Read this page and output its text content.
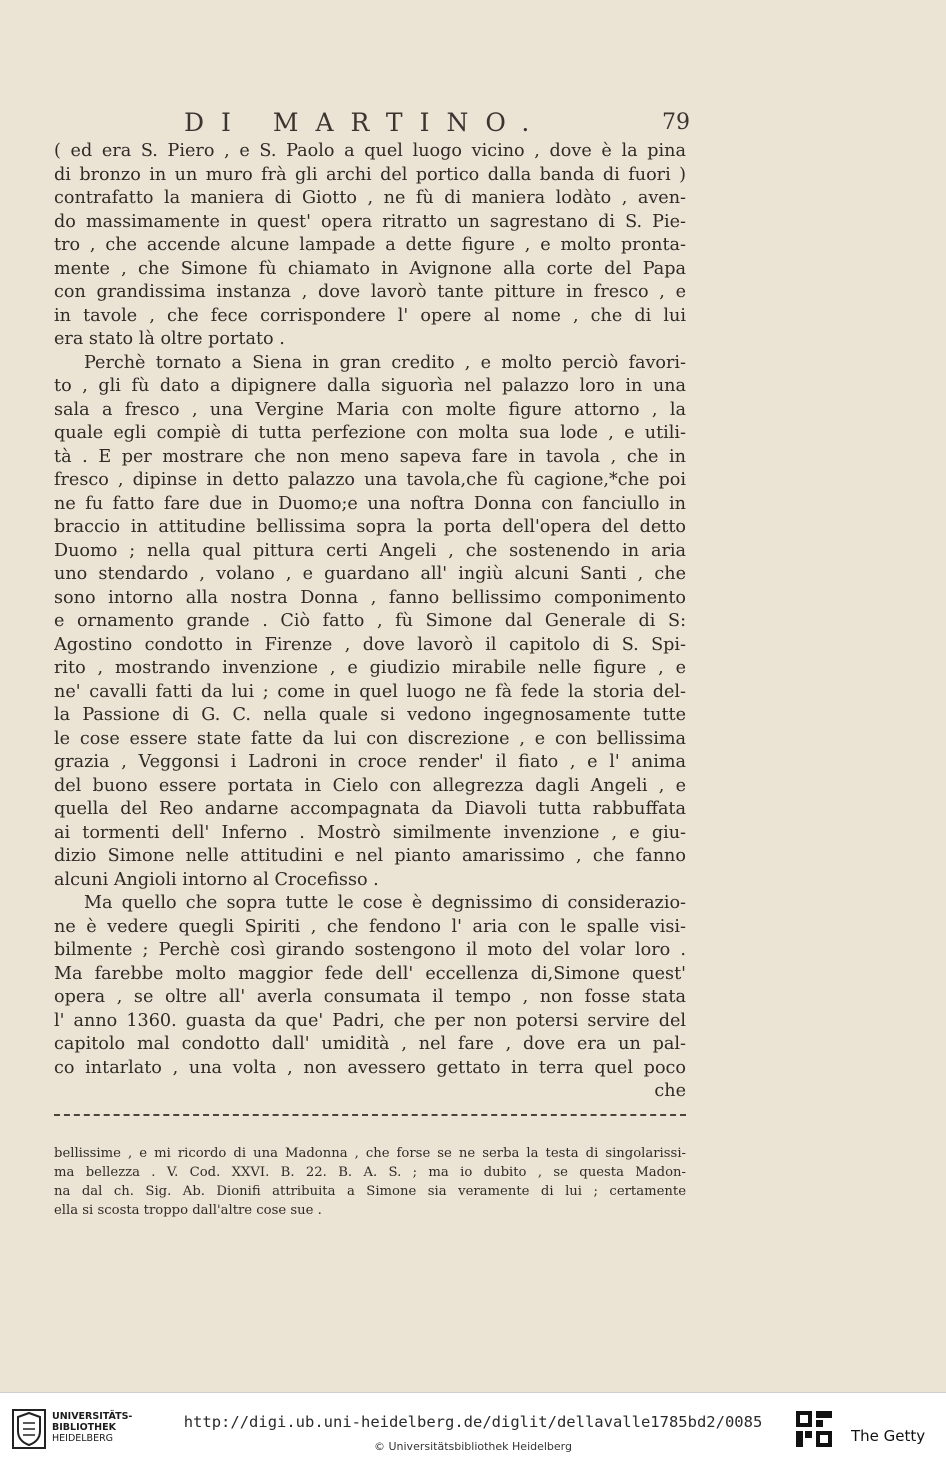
DI MARTINO.	79
( ed era S. Piero , e S. Paolo a quel luogo vicino , dove è la pina
di bronzo in un muro frà gli archi del portico dalla banda di fuori )
contrafatto la maniera di Giotto , ne fù di maniera lodàto , aven-
do massimamente in quest' opera ritratto un sagrestano di S. Pie-
tro , che accende alcune lampade a dette figure , e molto pronta-
mente , che Simone fù chiamato in Avignone alla corte del Papa
con grandissima instanza , dove lavorò tante pitture in fresco , e
in tavole , che fece corrispondere l' opere al nome , che di lui
era stato là oltre portato .
Perchè tornato a Siena in gran credito , e molto perciò favori-
to , gli fù dato a dipignere dalla siguorìa nel palazzo loro in una
sala a fresco , una Vergine Maria con molte figure attorno , la
quale egli compiè di tutta perfezione con molta sua lode , e utili-
tà . E per mostrare che non meno sapeva fare in tavola , che in
fresco , dipinse in detto palazzo una tavola,che fù cagione,*che poi
ne fu fatto fare due in Duomo;e una noftra Donna con fanciullo in
braccio in attitudine bellissima sopra la porta dell'opera del detto
Duomo ; nella qual pittura certi Angeli , che sostenendo in aria
uno stendardo , volano , e guardano all' ingiù alcuni Santi , che
sono intorno alla nostra Donna , fanno bellissimo componimento
e ornamento grande . Ciò fatto , fù Simone dal Generale di S:
Agostino condotto in Firenze , dove lavorò il capitolo di S. Spi-
rito , mostrando invenzione , e giudizio mirabile nelle figure , e
ne' cavalli fatti da lui ; come in quel luogo ne fà fede la storia del-
la Passione di G. C. nella quale si vedono ingegnosamente tutte
le cose essere state fatte da lui con discrezione , e con bellissima
grazia , Veggonsi i Ladroni in croce render' il fiato , e l' anima
del buono essere portata in Cielo con allegrezza dagli Angeli , e
quella del Reo andarne accompagnata da Diavoli tutta rabbuffata
ai tormenti dell' Inferno . Mostrò similmente invenzione , e giu-
dizio Simone nelle attitudini e nel pianto amarissimo , che fanno
alcuni Angioli intorno al Crocefisso .
Ma quello che sopra tutte le cose è degnissimo di considerazio-
ne è vedere quegli Spiriti , che fendono l' aria con le spalle visi-
bilmente ; Perchè così girando sostengono il moto del volar loro .
Ma farebbe molto maggior fede dell' eccellenza di,Simone quest'
opera , se oltre all' averla consumata il tempo , non fosse stata
l' anno 1360. guasta da que' Padri, che per non potersi servire del
capitolo mal condotto dall' umidità , nel fare , dove era un pal-
co intarlato , una volta , non avessero gettato in terra quel poco
che
bellissime , e mi ricordo di una Madonna , che forse se ne serba la testa di singolarissi-
ma bellezza . V. Cod. XXVI. B. 22. B. A. S. ; ma io dubito , se questa Madon-
na dal ch. Sig. Ab. Dionifi attribuita a Simone sia veramente di lui ; certamente
ella si scosta troppo dall'altre cose sue .
UNIVERSITÄTS-
BIBLIOTHEK
HEIDELBERG
http://digi.ub.uni-heidelberg.de/diglit/dellavalle1785bd2/0085
© Universitätsbibliothek Heidelberg
The Getty
